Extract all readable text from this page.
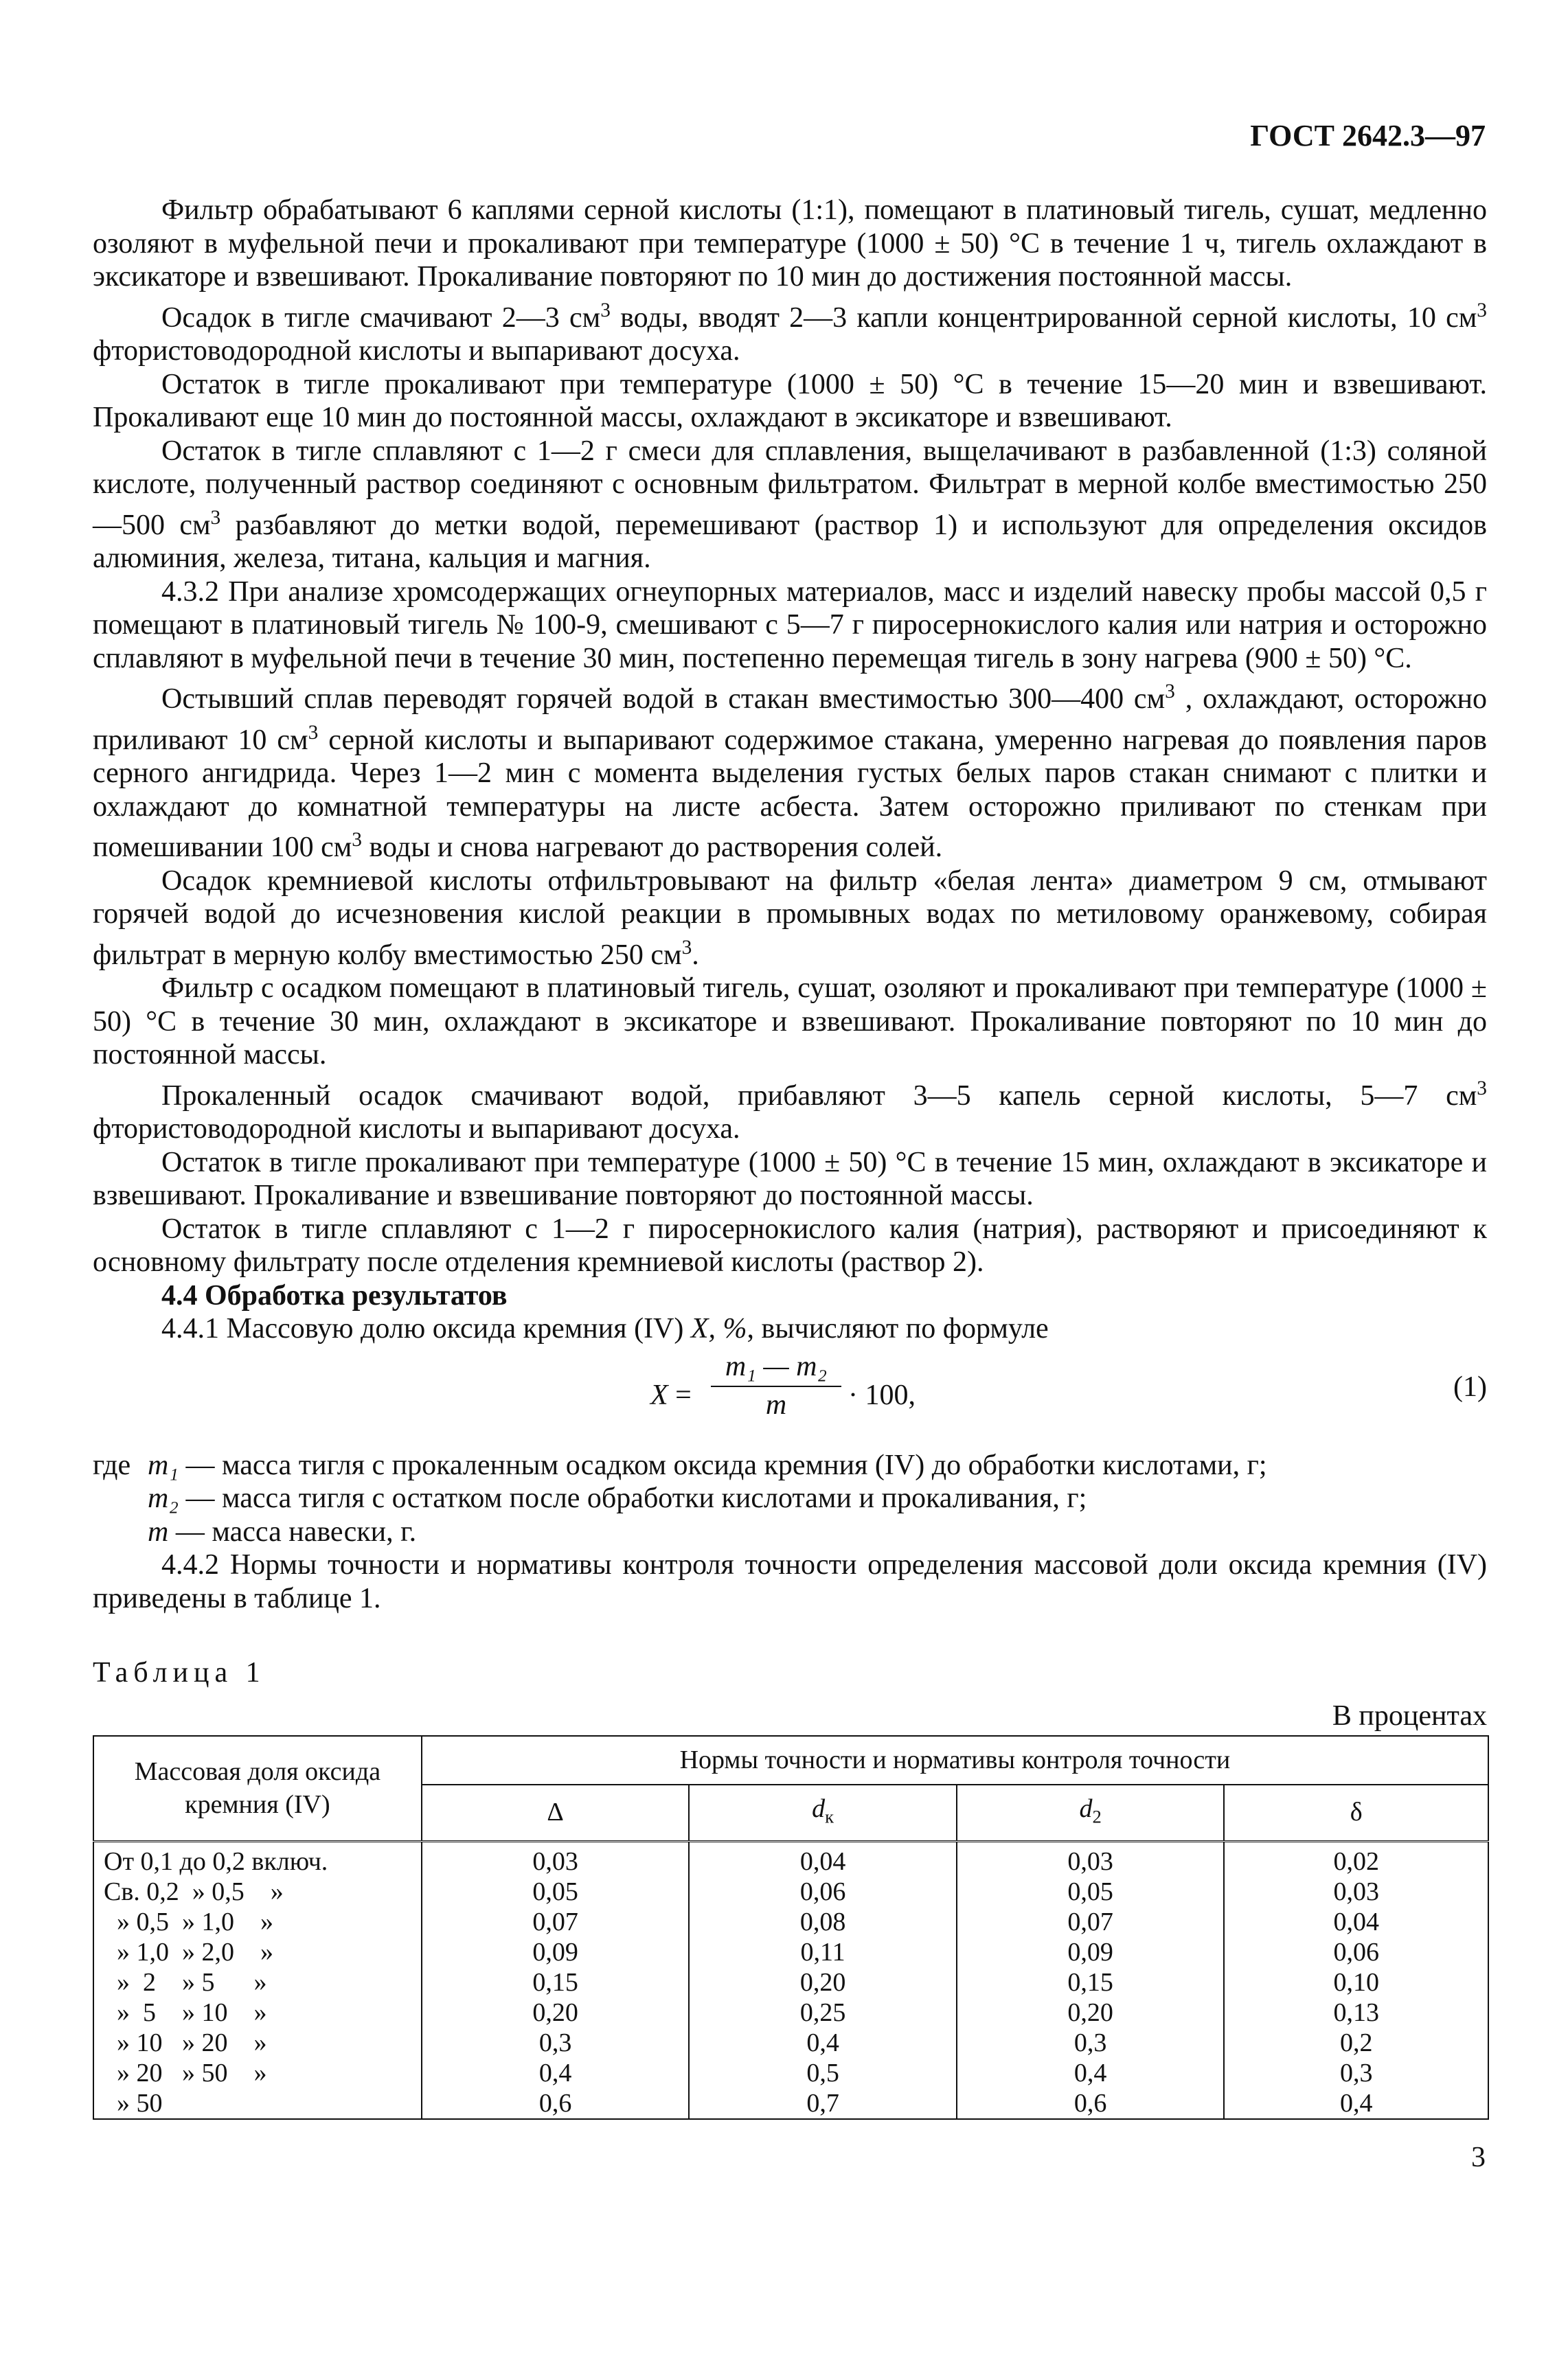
ГОСТ 2642.3—97

Фильтр обрабатывают 6 каплями серной кислоты (1:1), помещают в платиновый тигель, сушат, медленно озоляют в муфельной печи и прокаливают при температуре (1000 ± 50) °С в течение 1 ч, тигель охлаждают в эксикаторе и взвешивают. Прокаливание повторяют по 10 мин до достижения постоянной массы.

Осадок в тигле смачивают 2—3 $см^3$ воды, вводят 2—3 капли концентрированной серной кислоты, 10 $см^3$ фтористоводородной кислоты и выпаривают досуха.

Остаток в тигле прокаливают при температуре (1000 ± 50) °С в течение 15—20 мин и взвешивают. Прокаливают еще 10 мин до постоянной массы, охлаждают в эксикаторе и взвешивают.

Остаток в тигле сплавляют с 1—2 г смеси для сплавления, выщелачивают в разбавленной (1:3) соляной кислоте, полученный раствор соединяют с основным фильтратом. Фильтрат в мерной колбе вместимостью 250—500 $см^3$ разбавляют до метки водой, перемешивают (раствор 1) и используют для определения оксидов алюминия, железа, титана, кальция и магния.

4.3.2 При анализе хромсодержащих огнеупорных материалов, масс и изделий навеску пробы массой 0,5 г помещают в платиновый тигель № 100-9, смешивают с 5—7 г пиросернокислого калия или натрия и осторожно сплавляют в муфельной печи в течение 30 мин, постепенно перемещая тигель в зону нагрева (900 ± 50) °С.

Остывший сплав переводят горячей водой в стакан вместимостью 300—400 $см^3$ , охлаждают, осторожно приливают 10 $см^3$ серной кислоты и выпаривают содержимое стакана, умеренно нагревая до появления паров серного ангидрида. Через 1—2 мин с момента выделения густых белых паров стакан снимают с плитки и охлаждают до комнатной температуры на листе асбеста. Затем осторожно приливают по стенкам при помешивании 100 $см^3$ воды и снова нагревают до растворения солей.

Осадок кремниевой кислоты отфильтровывают на фильтр «белая лента» диаметром 9 см, отмывают горячей водой до исчезновения кислой реакции в промывных водах по метиловому оранжевому, собирая фильтрат в мерную колбу вместимостью 250 $см^3$.

Фильтр с осадком помещают в платиновый тигель, сушат, озоляют и прокаливают при температуре (1000 ± 50) °С в течение 30 мин, охлаждают в эксикаторе и взвешивают. Прокаливание повторяют по 10 мин до постоянной массы.

Прокаленный осадок смачивают водой, прибавляют 3—5 капель серной кислоты, 5—7 $см^3$ фтористоводородной кислоты и выпаривают досуха.

Остаток в тигле прокаливают при температуре (1000 ± 50) °С в течение 15 мин, охлаждают в эксикаторе и взвешивают. Прокаливание и взвешивание повторяют до постоянной массы.

Остаток в тигле сплавляют с 1—2 г пиросернокислого калия (натрия), растворяют и присоединяют к основному фильтрату после отделения кремниевой кислоты (раствор 2).

4.4 Обработка результатов

4.4.1 Массовую долю оксида кремния (IV) X, %, вычисляют по формуле

$X = \frac{\text{m₁ — m₂}}{m} \cdot 100$,	(1)
где m₁ — масса тигля с прокаленным осадком оксида кремния (IV) до обработки кислотами, г;
m₂ — масса тигля с остатком после обработки кислотами и прокаливания, г;
m — масса навески, г.

4.4.2 Нормы точности и нормативы контроля точности определения массовой доли оксида кремния (IV) приведены в таблице 1.

Таблица 1
В процентах
Массовая доля оксида кремния (IV)	Нормы точности и нормативы контроля точности			
	Δ	$d_к$	$d_2$	δ
От 0,1 до 0,2 включ.	0,03	0,04	0,03	0,02
Св. 0,2  » 0,5    »	0,05	0,06	0,05	0,03
» 0,5  » 1,0    »	0,07	0,08	0,07	0,04
» 1,0  » 2,0    »	0,09	0,11	0,09	0,06
»  2    » 5      »	0,15	0,20	0,15	0,10
»  5    » 10    »	0,20	0,25	0,20	0,13
» 10   » 20    »	0,3	0,4	0,3	0,2
» 20   » 50    »	0,4	0,5	0,4	0,3
» 50	0,6	0,7	0,6	0,4
3
